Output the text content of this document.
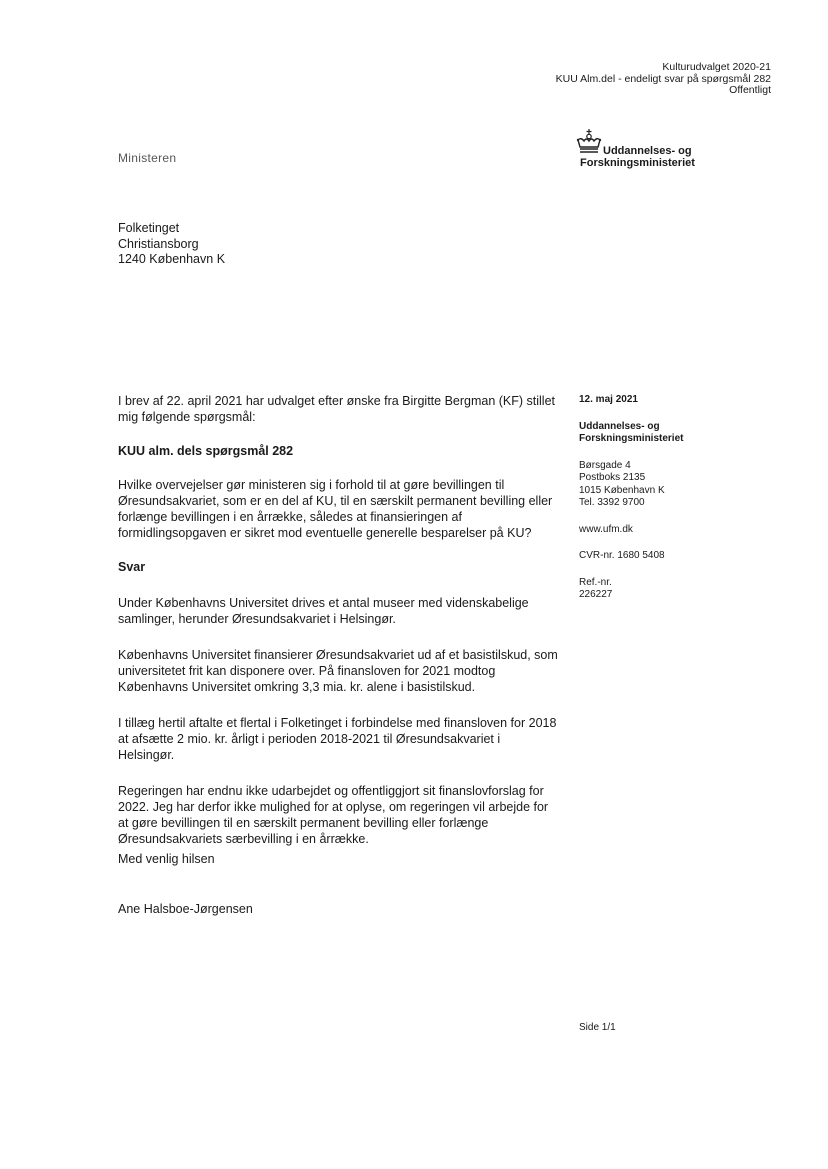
Kulturudvalget 2020-21
KUU Alm.del - endeligt svar på spørgsmål 282
Offentligt
Ministeren	Uddannelses- og
Forskningsministeriet
Folketinget
Christiansborg
1240 København K

I brev af 22. april 2021 har udvalget efter ønske fra Birgitte Bergman (KF) stillet mig følgende spørgsmål:

KUU alm. dels spørgsmål 282

Hvilke overvejelser gør ministeren sig i forhold til at gøre bevillingen til Øresundsakvariet, som er en del af KU, til en særskilt permanent bevilling eller forlænge bevillingen i en årrække, således at finansieringen af formidlingsopgaven er sikret mod eventuelle generelle besparelser på KU?

Svar

Under Københavns Universitet drives et antal museer med videnskabelige samlinger, herunder Øresundsakvariet i Helsingør.

Københavns Universitet finansierer Øresundsakvariet ud af et basistilskud, som universitetet frit kan disponere over. På finansloven for 2021 modtog Københavns Universitet omkring 3,3 mia. kr. alene i basistilskud.

I tillæg hertil aftalte et flertal i Folketinget i forbindelse med finansloven for 2018 at afsætte 2 mio. kr. årligt i perioden 2018-2021 til Øresundsakvariet i Helsingør.

Regeringen har endnu ikke udarbejdet og offentliggjort sit finanslovforslag for 2022. Jeg har derfor ikke mulighed for at oplyse, om regeringen vil arbejde for at gøre bevillingen til en særskilt permanent bevilling eller forlænge Øresundsakvariets særbevilling i en årrække.

Med venlig hilsen
Ane Halsboe-Jørgensen
12. maj 2021
Uddannelses- og
Forskningsministeriet
Børsgade 4
Postboks 2135
1015 København K
Tel. 3392 9700
www.ufm.dk
CVR-nr. 1680 5408
Ref.-nr.
226227
Side 1/1
